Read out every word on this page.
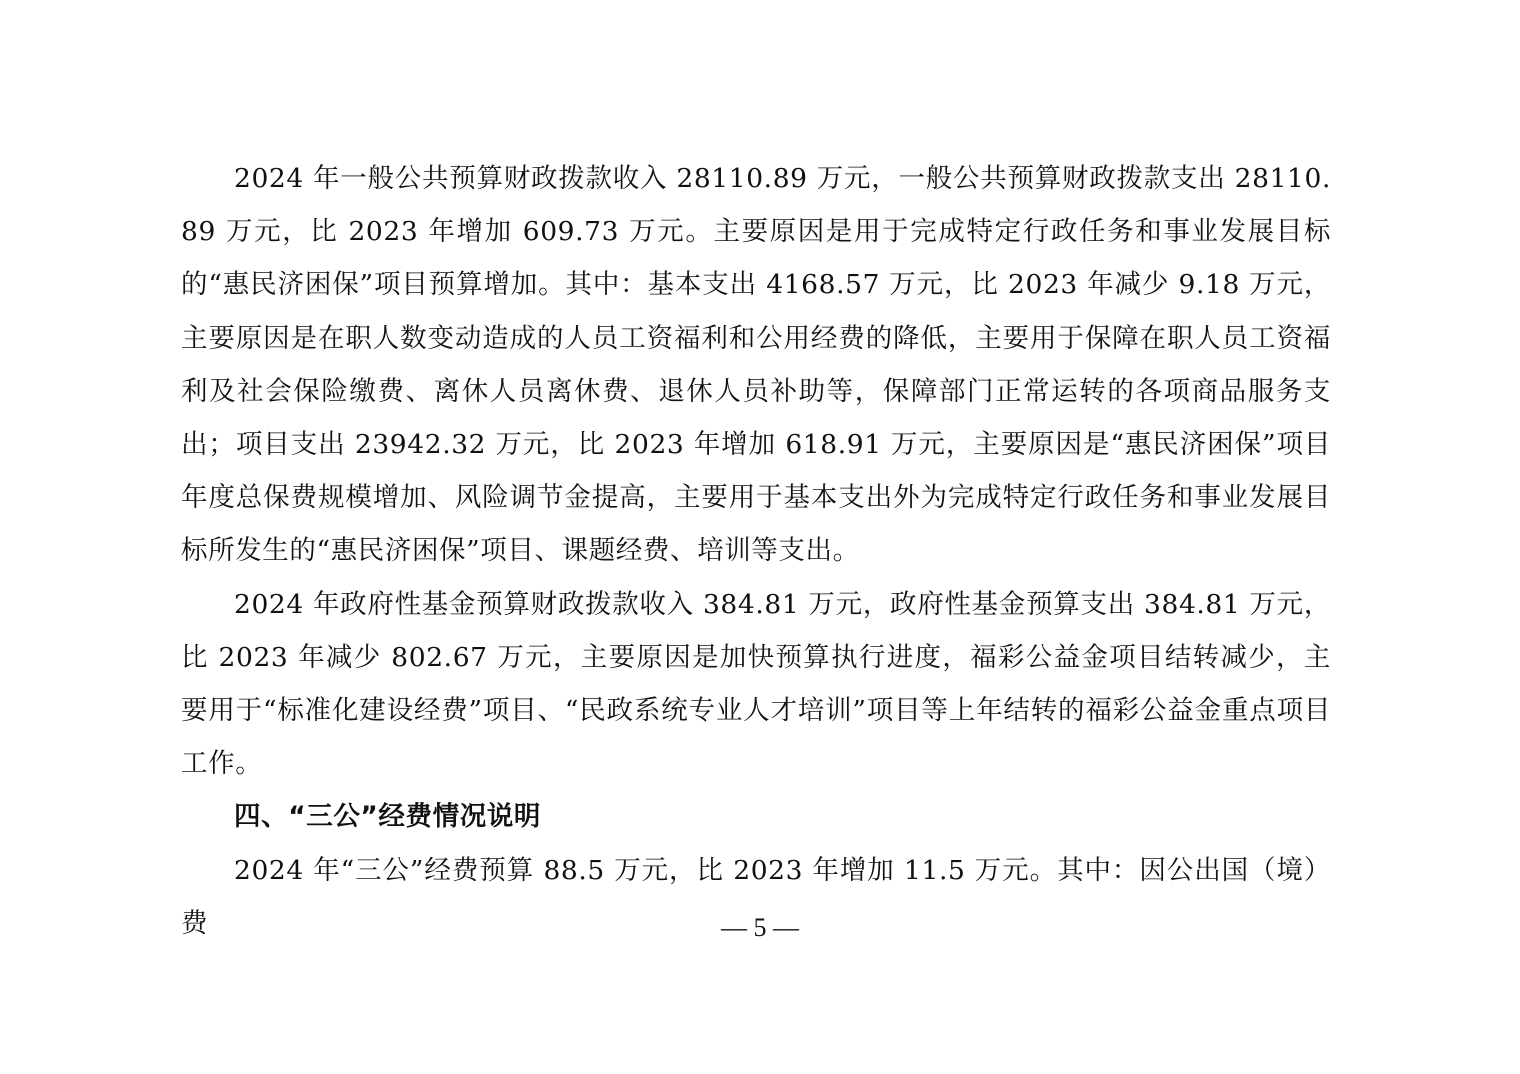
2024 年一般公共预算财政拨款收入 28110.89 万元，一般公共预算财政拨款支出 28110.89 万元，比 2023 年增加 609.73 万元。主要原因是用于完成特定行政任务和事业发展目标的“惠民济困保”项目预算增加。其中：基本支出 4168.57 万元，比 2023 年减少 9.18 万元，主要原因是在职人数变动造成的人员工资福利和公用经费的降低，主要用于保障在职人员工资福利及社会保险缴费、离休人员离休费、退休人员补助等，保障部门正常运转的各项商品服务支出；项目支出 23942.32 万元，比 2023 年增加 618.91 万元，主要原因是“惠民济困保”项目年度总保费规模增加、风险调节金提高，主要用于基本支出外为完成特定行政任务和事业发展目标所发生的“惠民济困保”项目、课题经费、培训等支出。

2024 年政府性基金预算财政拨款收入 384.81 万元，政府性基金预算支出 384.81 万元，比 2023 年减少 802.67 万元，主要原因是加快预算执行进度，福彩公益金项目结转减少，主要用于“标准化建设经费”项目、“民政系统专业人才培训”项目等上年结转的福彩公益金重点项目工作。

四、“三公”经费情况说明

2024 年“三公”经费预算 88.5 万元，比 2023 年增加 11.5 万元。其中：因公出国（境）费	— 5 —
